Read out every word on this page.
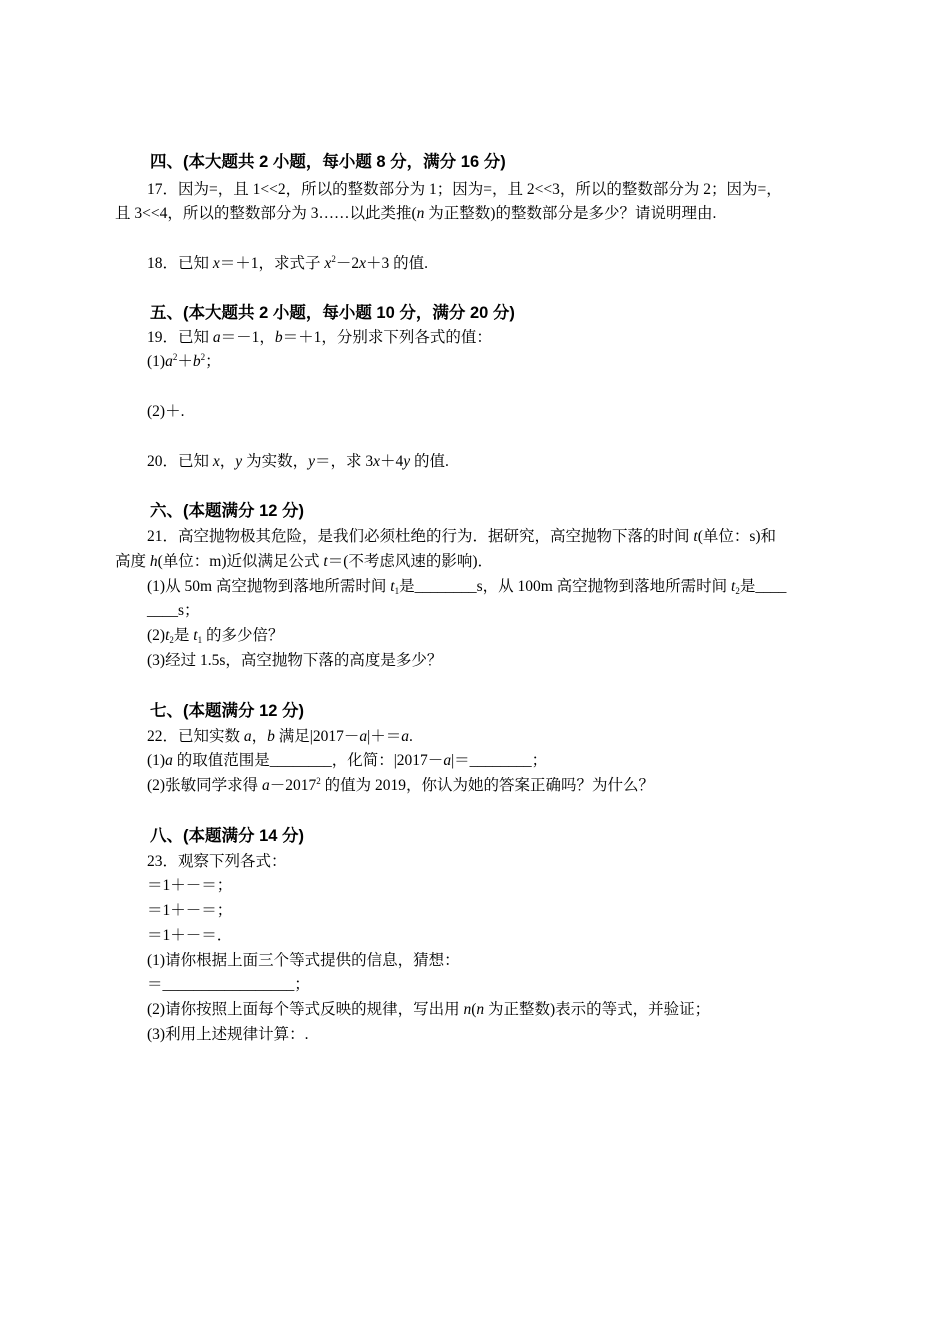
四、(本大题共 2 小题，每小题 8 分，满分 16 分)
17．因为=，且 1<<2，所以的整数部分为 1；因为=，且 2<<3，所以的整数部分为 2；因为=，
且 3<<4，所以的整数部分为 3……以此类推(n 为正整数)的整数部分是多少？请说明理由.
18．已知 x＝＋1，求式子 $x^2-2x+3$ 的值.
五、(本大题共 2 小题，每小题 10 分，满分 20 分)
19．已知 a＝－1，b＝＋1，分别求下列各式的值：
$(1)a^2+b^2$；
(2)＋.
20．已知 x，y 为实数，y＝，求 3x＋4y 的值.
六、(本题满分 12 分)
21．高空抛物极其危险，是我们必须杜绝的行为．据研究，高空抛物下落的时间 t(单位：s)和
高度 h(单位：m)近似满足公式 t＝(不考虑风速的影响)．
(1)从 50m 高空抛物到落地所需时间 $t_1$是________s，从 100m 高空抛物到落地所需时间 $t_2$是____
____s；
$(2)t_2$是 $t_1$ 的多少倍？
(3)经过 1.5s，高空抛物下落的高度是多少？
七、(本题满分 12 分)
22．已知实数 a，b 满足|2017－a|＋＝a.
(1)a 的取值范围是________，化简：|2017－a|＝________；
(2)张敏同学求得 $a-2017^2$ 的值为 2019，你认为她的答案正确吗？为什么？
八、(本题满分 14 分)
23．观察下列各式：
＝1＋－＝；
＝1＋－＝；
＝1＋－＝．
(1)请你根据上面三个等式提供的信息，猜想：
＝_________________；
(2)请你按照上面每个等式反映的规律，写出用 n(n 为正整数)表示的等式，并验证；
(3)利用上述规律计算：.
